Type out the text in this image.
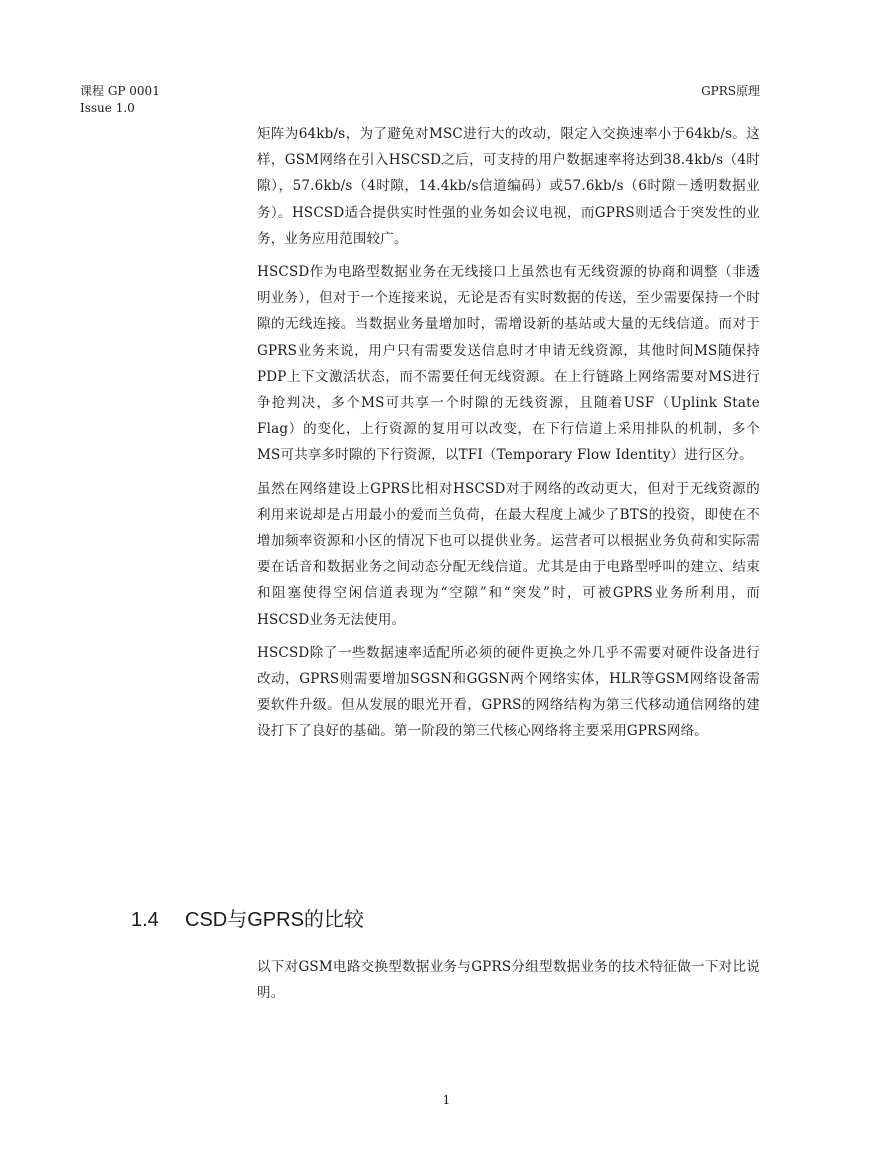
课程 GP 0001
Issue 1.0
GPRS原理

矩阵为64kb/s，为了避免对MSC进行大的改动，限定入交换速率小于64kb/s。这样，GSM网络在引入HSCSD之后，可支持的用户数据速率将达到38.4kb/s（4时隙），57.6kb/s（4时隙，14.4kb/s信道编码）或57.6kb/s（6时隙－透明数据业务）。HSCSD适合提供实时性强的业务如会议电视，而GPRS则适合于突发性的业务，业务应用范围较广。

HSCSD作为电路型数据业务在无线接口上虽然也有无线资源的协商和调整（非透明业务），但对于一个连接来说，无论是否有实时数据的传送，至少需要保持一个时隙的无线连接。当数据业务量增加时，需增设新的基站或大量的无线信道。而对于GPRS业务来说，用户只有需要发送信息时才申请无线资源，其他时间MS随保持PDP上下文激活状态，而不需要任何无线资源。在上行链路上网络需要对MS进行争抢判决，多个MS可共享一个时隙的无线资源，且随着USF（Uplink State Flag）的变化，上行资源的复用可以改变，在下行信道上采用排队的机制，多个MS可共享多时隙的下行资源，以TFI（Temporary Flow Identity）进行区分。

虽然在网络建设上GPRS比相对HSCSD对于网络的改动更大，但对于无线资源的利用来说却是占用最小的爱而兰负荷，在最大程度上减少了BTS的投资，即使在不增加频率资源和小区的情况下也可以提供业务。运营者可以根据业务负荷和实际需要在话音和数据业务之间动态分配无线信道。尤其是由于电路型呼叫的建立、结束和阻塞使得空闲信道表现为“空隙”和“突发”时，可被GPRS业务所利用，而HSCSD业务无法使用。

HSCSD除了一些数据速率适配所必须的硬件更换之外几乎不需要对硬件设备进行改动，GPRS则需要增加SGSN和GGSN两个网络实体，HLR等GSM网络设备需要软件升级。但从发展的眼光开看，GPRS的网络结构为第三代移动通信网络的建设打下了良好的基础。第一阶段的第三代核心网络将主要采用GPRS网络。

1.4	CSD与GPRS的比较

以下对GSM电路交换型数据业务与GPRS分组型数据业务的技术特征做一下对比说明。

1
